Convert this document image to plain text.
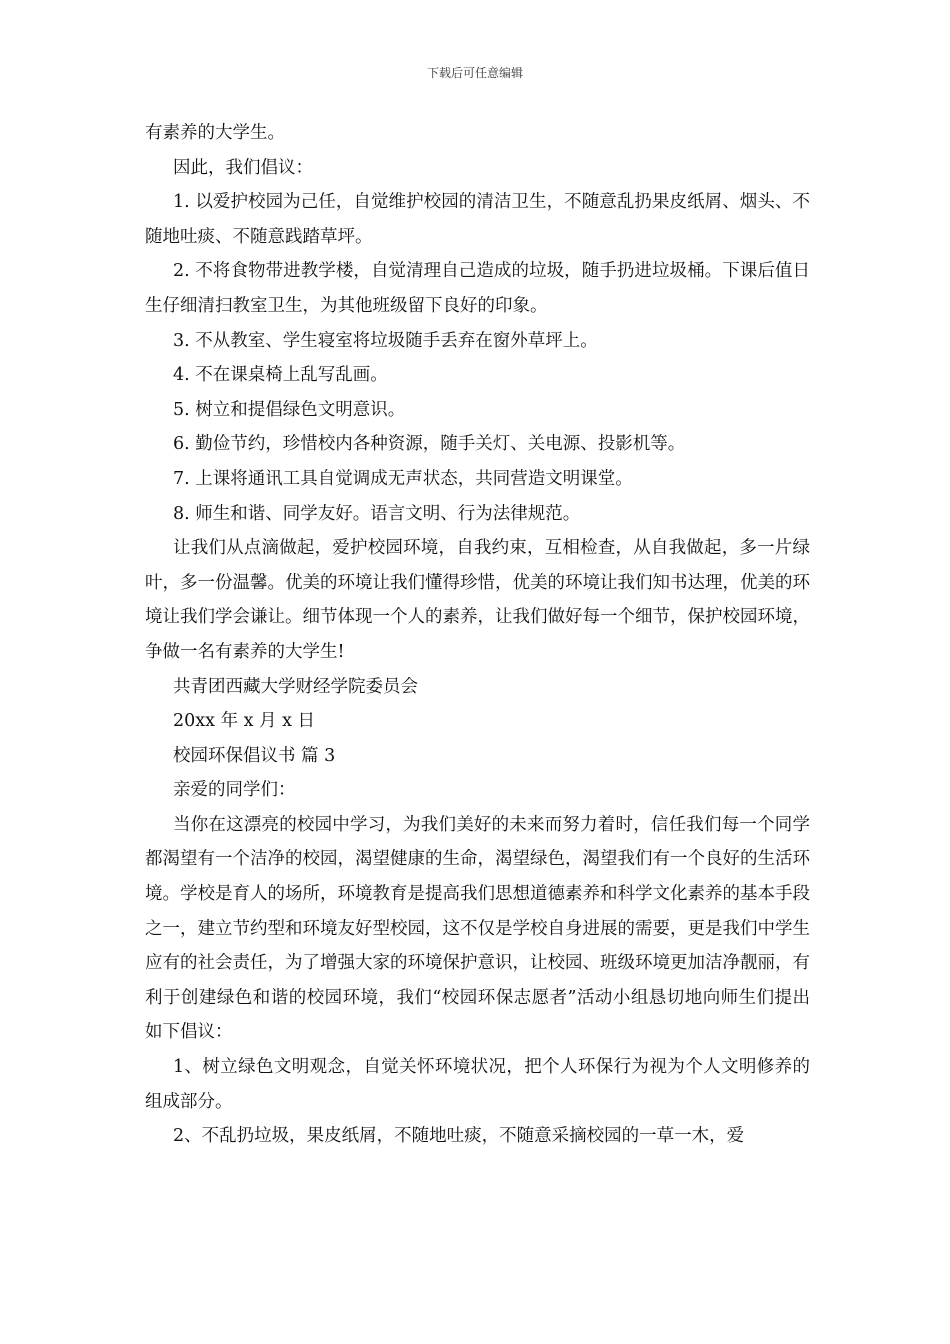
下载后可任意编辑

有素养的大学生。

因此，我们倡议：

1. 以爱护校园为己任，自觉维护校园的清洁卫生，不随意乱扔果皮纸屑、烟头、不随地吐痰、不随意践踏草坪。

2. 不将食物带进教学楼，自觉清理自己造成的垃圾，随手扔进垃圾桶。下课后值日生仔细清扫教室卫生，为其他班级留下良好的印象。

3. 不从教室、学生寝室将垃圾随手丢弃在窗外草坪上。

4. 不在课桌椅上乱写乱画。

5. 树立和提倡绿色文明意识。

6. 勤俭节约，珍惜校内各种资源，随手关灯、关电源、投影机等。

7. 上课将通讯工具自觉调成无声状态，共同营造文明课堂。

8. 师生和谐、同学友好。语言文明、行为法律规范。

让我们从点滴做起，爱护校园环境，自我约束，互相检查，从自我做起，多一片绿叶，多一份温馨。优美的环境让我们懂得珍惜，优美的环境让我们知书达理，优美的环境让我们学会谦让。细节体现一个人的素养，让我们做好每一个细节，保护校园环境，争做一名有素养的大学生!

共青团西藏大学财经学院委员会

20xx 年 x 月 x 日

校园环保倡议书 篇 3

亲爱的同学们：

当你在这漂亮的校园中学习，为我们美好的未来而努力着时，信任我们每一个同学都渴望有一个洁净的校园，渴望健康的生命，渴望绿色，渴望我们有一个良好的生活环境。学校是育人的场所，环境教育是提高我们思想道德素养和科学文化素养的基本手段之一，建立节约型和环境友好型校园，这不仅是学校自身进展的需要，更是我们中学生应有的社会责任，为了增强大家的环境保护意识，让校园、班级环境更加洁净靓丽，有利于创建绿色和谐的校园环境，我们“校园环保志愿者”活动小组恳切地向师生们提出如下倡议：

1、树立绿色文明观念，自觉关怀环境状况，把个人环保行为视为个人文明修养的组成部分。

2、不乱扔垃圾，果皮纸屑，不随地吐痰，不随意采摘校园的一草一木，爱
